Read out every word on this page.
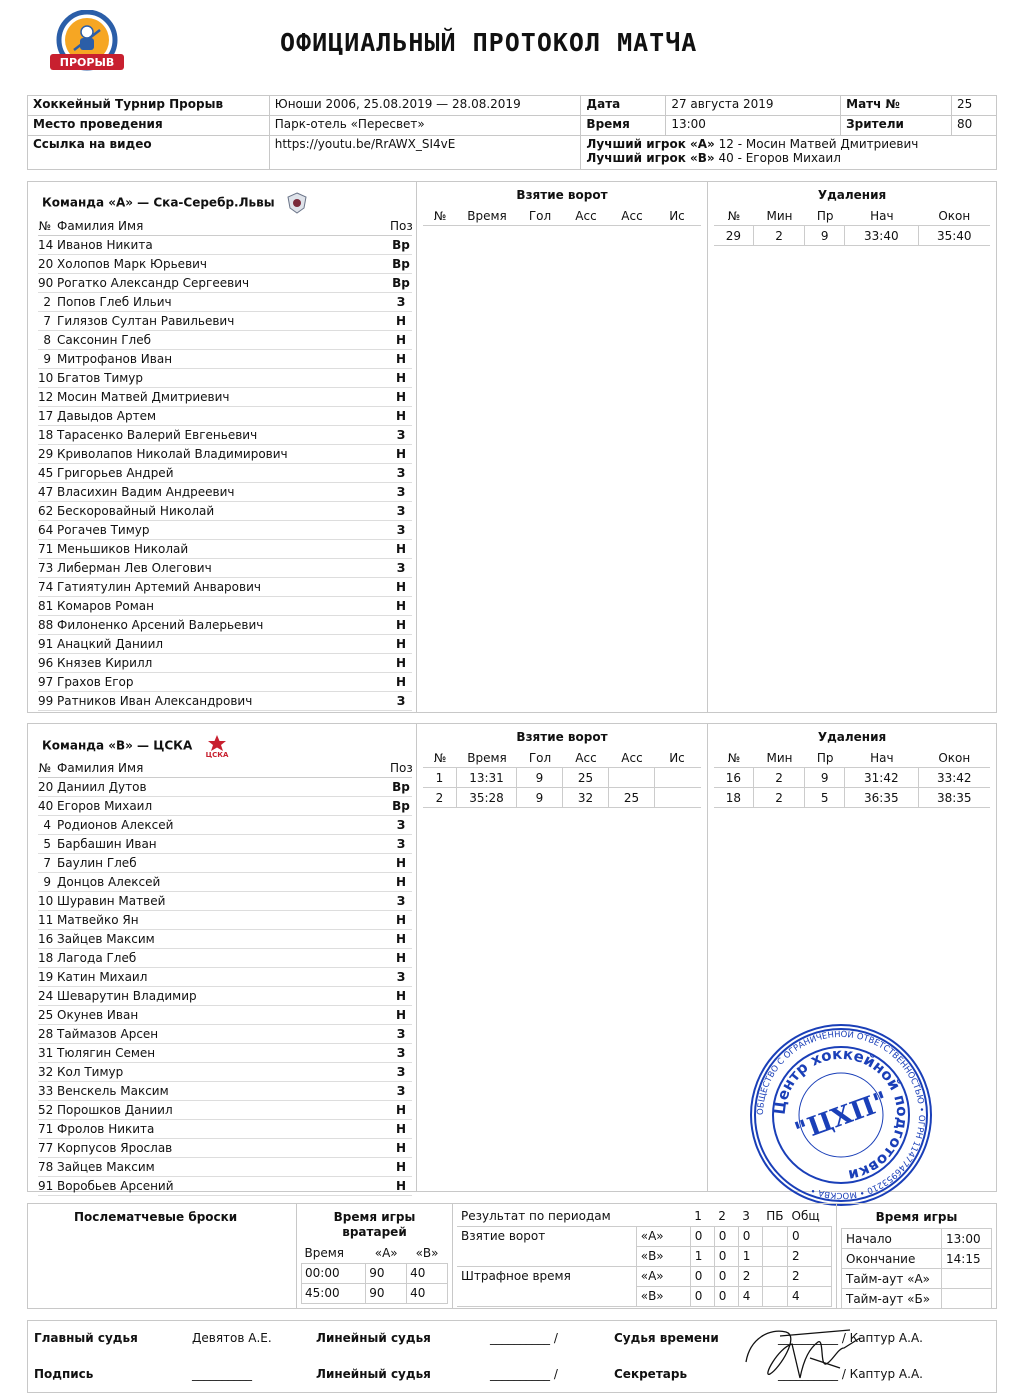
ПРОРЫВ
ОФИЦИАЛЬНЫЙ ПРОТОКОЛ МАТЧА
Хоккейный Турнир Прорыв	Юноши 2006, 25.08.2019 — 28.08.2019	Дата	27 августа 2019	Матч №	25
Место проведения	Парк-отель «Пересвет»	Время	13:00	Зрители	80
Ссылка на видео	https://youtu.be/RrAWX_SI4vE	Лучший игрок «А» 12 - Мосин Матвей Дмитриевич
Лучший игрок «В» 40 - Егоров Михаил			
Команда «А» — Ска-Серебр.Львы
№ Фамилия Имя	Поз
14 Иванов Никита	Вр
20 Холопов Марк Юрьевич	Вр
90 Рогатко Александр Сергеевич	Вр
2 Попов Глеб Ильич	З
7 Гилязов Султан Равильевич	Н
8 Саксонин Глеб	Н
9 Митрофанов Иван	Н
10 Бгатов Тимур	Н
12 Мосин Матвей Дмитриевич	Н
17 Давыдов Артем	Н
18 Тарасенко Валерий Евгеньевич	З
29 Криволапов Николай Владимирович	Н
45 Григорьев Андрей	З
47 Власихин Вадим Андреевич	З
62 Бескоровайный Николай	З
64 Рогачев Тимур	З
71 Меньшиков Николай	Н
73 Либерман Лев Олегович	З
74 Гатиятулин Артемий Анварович	Н
81 Комаров Роман	Н
88 Филоненко Арсений Валерьевич	Н
91 Анацкий Даниил	Н
96 Князев Кирилл	Н
97 Грахов Егор	Н
99 Ратников Иван Александрович	З
Взятие ворот
№	Время	Гол	Асс	Асс	Ис
Удаления
№	Мин	Пр	Нач	Окон
29	2	9	33:40	35:40
Команда «В» — ЦСКА
ЦСКА
№ Фамилия Имя	Поз
20 Даниил Дутов	Вр
40 Егоров Михаил	Вр
4 Родионов Алексей	З
5 Барбашин Иван	З
7 Баулин Глеб	Н
9 Донцов Алексей	Н
10 Шуравин Матвей	З
11 Матвейко Ян	Н
16 Зайцев Максим	Н
18 Лагода Глеб	Н
19 Катин Михаил	З
24 Шеварутин Владимир	Н
25 Окунев Иван	Н
28 Таймазов Арсен	З
31 Тюлягин Семен	З
32 Кол Тимур	З
33 Венскель Максим	З
52 Порошков Даниил	Н
71 Фролов Никита	Н
77 Корпусов Ярослав	Н
78 Зайцев Максим	Н
91 Воробьев Арсений	Н
Взятие ворот
№	Время	Гол	Асс	Асс	Ис
1	13:31	9	25
2	35:28	9	32	25
Удаления
№	Мин	Пр	Нач	Окон
16	2	9	31:42	33:42
18	2	5	36:35	38:35
ОБЩЕСТВО С ОГРАНИЧЕННОЙ ОТВЕТСТВЕННОСТЬЮ • ОГРН 1147746953210 • МОСКВА •
Центр хоккейной подготовки
"ЦХП"
Послематчевые броски	Время игры вратарей
Время	«А»	«В»
00:00	90	40
45:00	90	40
Результат по периодам		1	2	3	ПБ	Общ
Взятие ворот	«А»	0	0	0		0
	«В»	1	0	1		2
Штрафное время	«А»	0	0	2		2
	«В»	0	0	4		4
Время игры
Начало	13:00
Окончание	14:15
Тайм-аут «А»	
Тайм-аут «Б»	
Главный судья	Девятов А.Е.	Линейный судья	__________ /	Судья времени	__________ / Каптур А.А.
Подпись	__________	Линейный судья	__________ /	Секретарь	__________ / Каптур А.А.
